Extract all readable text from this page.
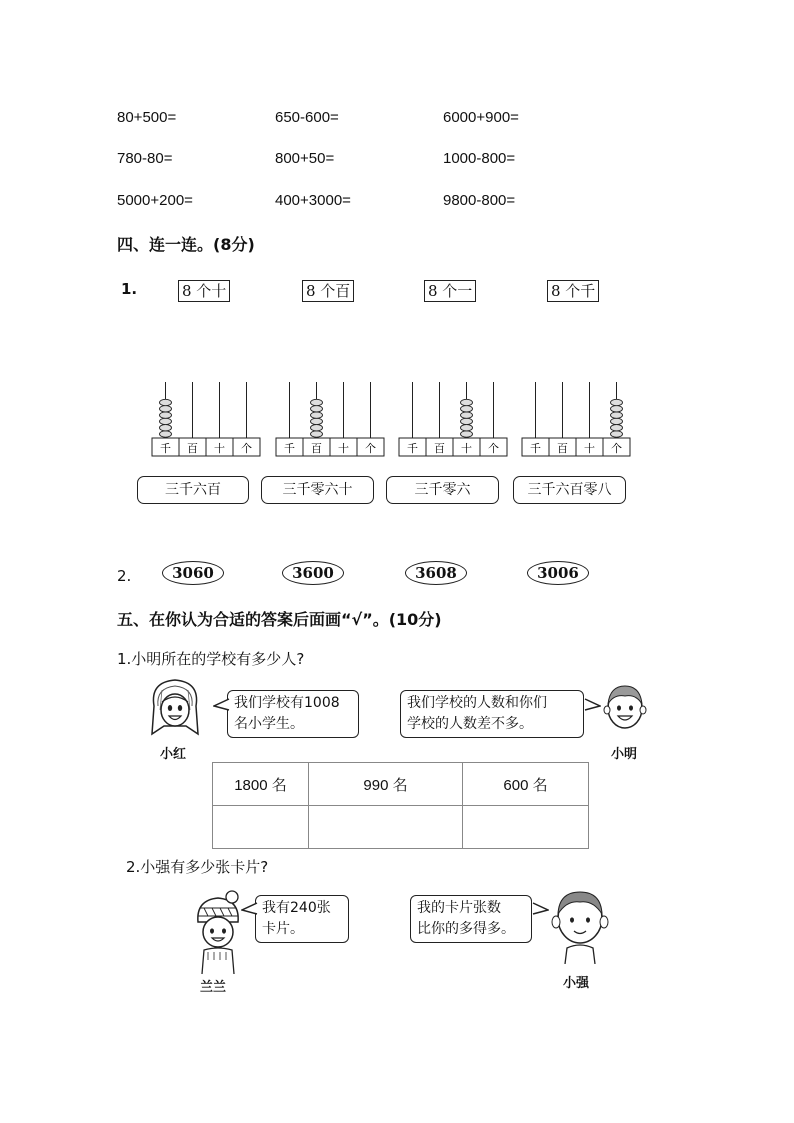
80+500=	650-600=	6000+900=
780-80=	800+50=	1000-800=
5000+200=	400+3000=	9800-800=
四、连一连。(8分)
1.	8 个十	8 个百	8 个一	8 个千
千 百 十 个	千 百 十 个	千 百 十 个	千 百 十 个
三千六百	三千零六十	三千零六	三千六百零八
2.	3060	3600	3608	3006
五、在你认为合适的答案后面画“√”。(10分)
1.小明所在的学校有多少人?
小红
我们学校有1008
名小学生。
我们学校的人数和你们
学校的人数差不多。
小明
1800 名	990 名	600 名

2.小强有多少张卡片?
兰兰
我有240张
卡片。
我的卡片张数
比你的多得多。
小强
